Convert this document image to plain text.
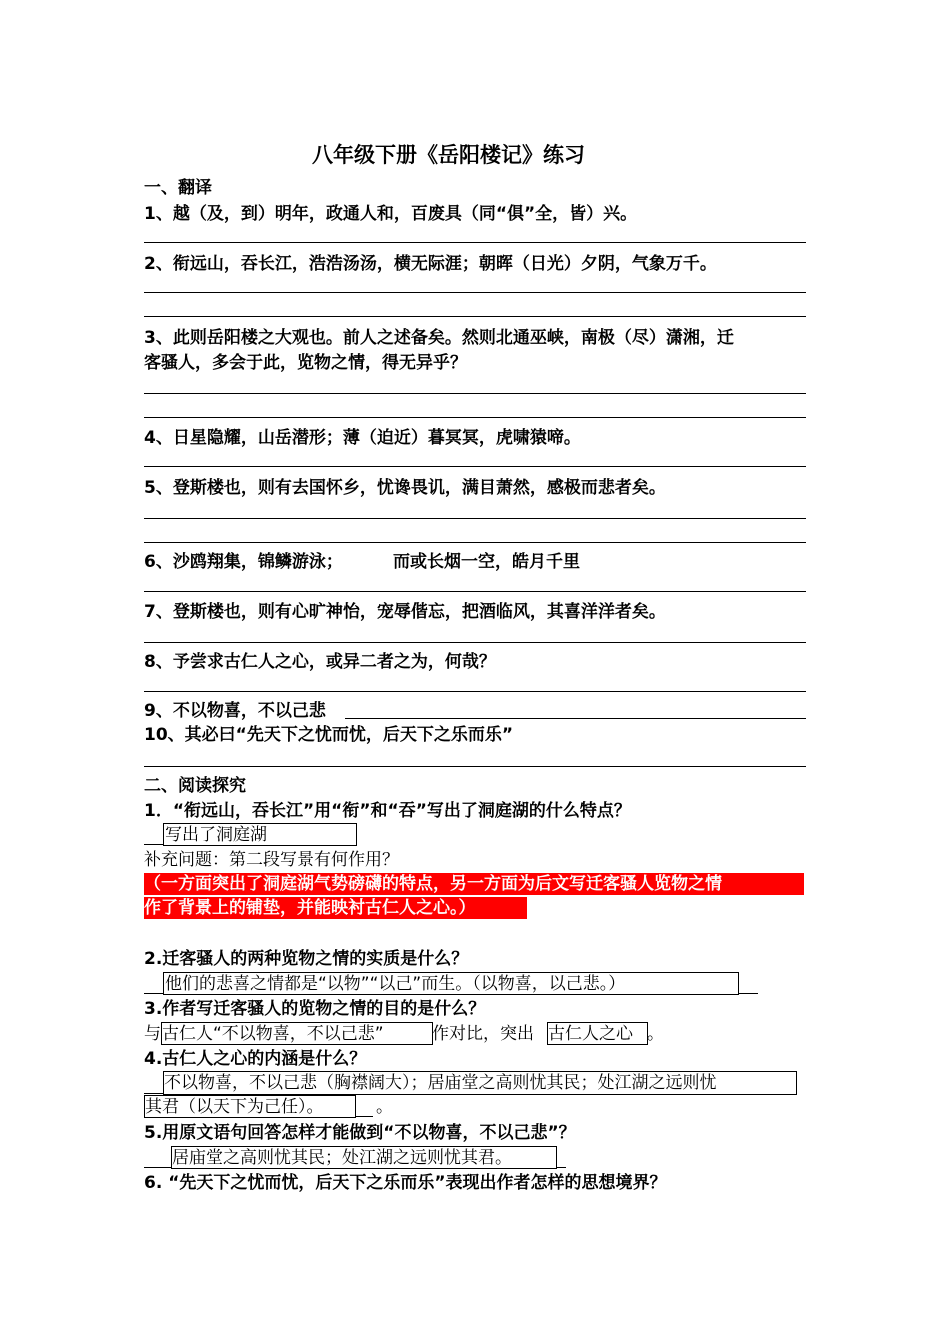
八年级下册《岳阳楼记》练习
一、翻译
1、越（及，到）明年，政通人和，百废具（同“俱”全，皆）兴。
2、衔远山，吞长江，浩浩汤汤，横无际涯；朝晖（日光）夕阴，气象万千。
3、此则岳阳楼之大观也。前人之述备矣。然则北通巫峡，南极（尽）潇湘，迁
客骚人，多会于此，览物之情，得无异乎？
4、日星隐耀，山岳潜形；薄（迫近）暮冥冥，虎啸猿啼。
5、登斯楼也，则有去国怀乡，忧谗畏讥，满目萧然，感极而悲者矣。
6、沙鸥翔集，锦鳞游泳；	而或长烟一空，皓月千里
7、登斯楼也，则有心旷神怡，宠辱偕忘，把酒临风，其喜洋洋者矣。
8、予尝求古仁人之心，或异二者之为，何哉？
9、不以物喜，不以己悲
10、其必曰“先天下之忧而忧，后天下之乐而乐”
二、阅读探究
1．“衔远山，吞长江”用“衔”和“吞”写出了洞庭湖的什么特点？
写出了洞庭湖
补充问题：第二段写景有何作用？
（一方面突出了洞庭湖气势磅礴的特点，另一方面为后文写迁客骚人览物之情
作了背景上的铺垫，并能映衬古仁人之心。）
2.迁客骚人的两种览物之情的实质是什么？
他们的悲喜之情都是“以物”“以己”而生。（以物喜，以己悲。）
3.作者写迁客骚人的览物之情的目的是什么？
与 古仁人“不以物喜，不以己悲”	作对比，突出 古仁人之心 。
4.古仁人之心的内涵是什么？
不以物喜，不以己悲（胸襟阔大）；居庙堂之高则忧其民；处江湖之远则忧
其君（以天下为己任）。	。
5.用原文语句回答怎样才能做到“不以物喜，不以己悲”？
居庙堂之高则忧其民；处江湖之远则忧其君。
6. “先天下之忧而忧，后天下之乐而乐”表现出作者怎样的思想境界？
